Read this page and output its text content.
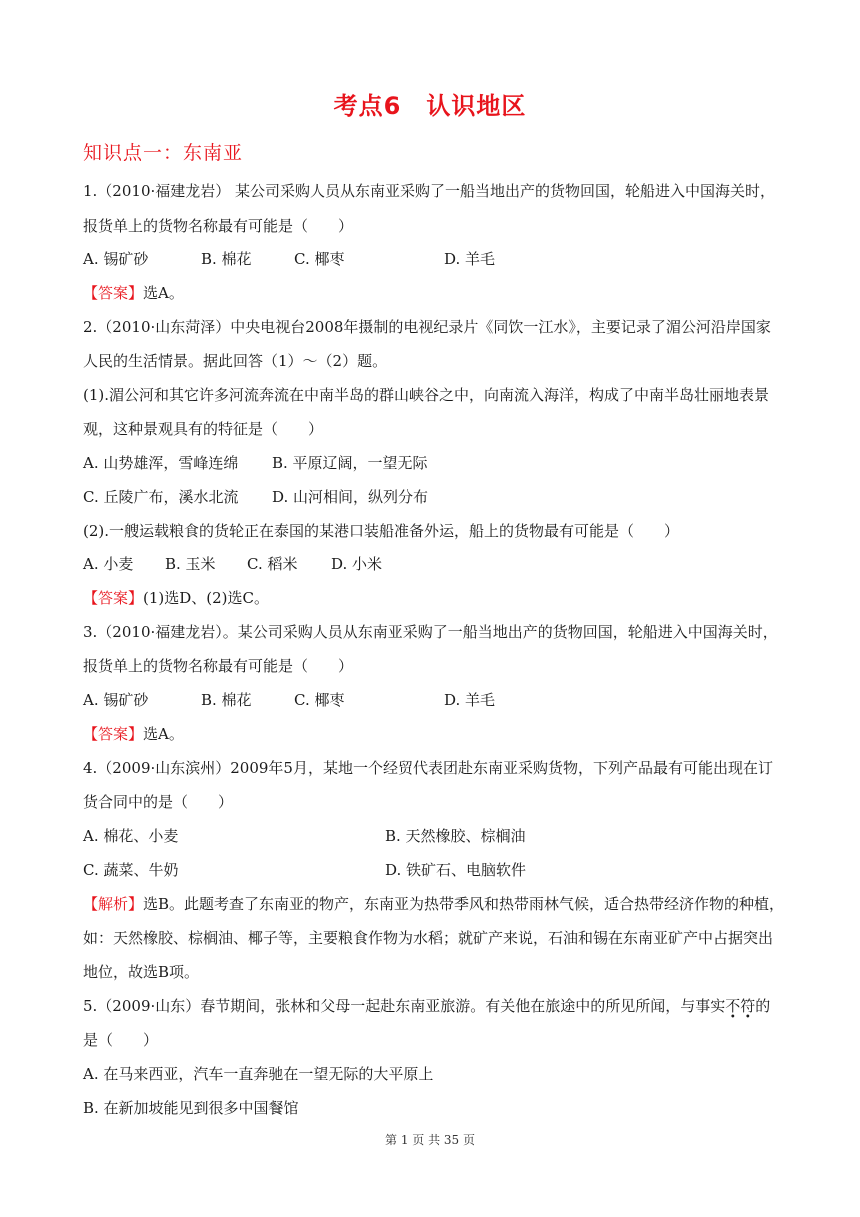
考点6　认识地区
知识点一：东南亚
1.（2010·福建龙岩） 某公司采购人员从东南亚采购了一船当地出产的货物回国，轮船进入中国海关时，
报货单上的货物名称最有可能是（　　）
A. 锡矿砂	B. 棉花	C. 椰枣	D. 羊毛
【答案】选A。
2.（2010·山东菏泽）中央电视台2008年摄制的电视纪录片《同饮一江水》，主要记录了湄公河沿岸国家
人民的生活情景。据此回答（1）～（2）题。
(1).湄公河和其它许多河流奔流在中南半岛的群山峡谷之中，向南流入海洋，构成了中南半岛壮丽地表景
观，这种景观具有的特征是（　　）
A. 山势雄浑，雪峰连绵 B. 平原辽阔，一望无际
C. 丘陵广布，溪水北流 D. 山河相间，纵列分布
(2).一艘运载粮食的货轮正在泰国的某港口装船准备外运，船上的货物最有可能是（　　）
A. 小麦 B. 玉米 C. 稻米 D. 小米
【答案】(1)选D、(2)选C。
3.（2010·福建龙岩）。某公司采购人员从东南亚采购了一船当地出产的货物回国，轮船进入中国海关时，
报货单上的货物名称最有可能是（　　）
A. 锡矿砂	B. 棉花	C. 椰枣	D. 羊毛
【答案】选A。
4.（2009·山东滨州）2009年5月，某地一个经贸代表团赴东南亚采购货物，下列产品最有可能出现在订
货合同中的是（　　）
A. 棉花、小麦	B. 天然橡胶、棕榈油
C. 蔬菜、牛奶	D. 铁矿石、电脑软件
【解析】选B。此题考查了东南亚的物产，东南亚为热带季风和热带雨林气候，适合热带经济作物的种植，
如：天然橡胶、棕榈油、椰子等，主要粮食作物为水稻；就矿产来说，石油和锡在东南亚矿产中占据突出
地位，故选B项。
5.（2009·山东）春节期间，张林和父母一起赴东南亚旅游。有关他在旅途中的所见所闻，与事实不符的
是（　　）
A. 在马来西亚，汽车一直奔驰在一望无际的大平原上
B. 在新加坡能见到很多中国餐馆
第 1 页 共 35 页
